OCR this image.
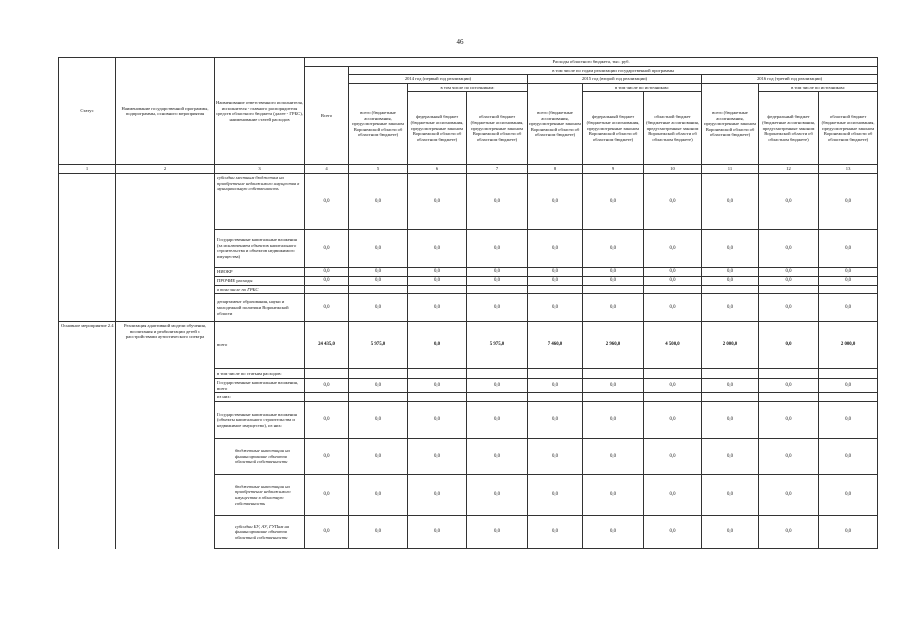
46
Статус	Наименование государственной программы, подпрограммы, основного мероприятия	Наименование ответственного исполнителя, исполнителя - главного распорядителя средств областного бюджета (далее - ГРБС), наименование статей расходов	Расходы областного бюджета, тыс. руб.									
			Всего	в том числе по годам реализации государственной программы								
				2014 год (первый год реализации)			2015 год (второй год реализации)			2016 год (третий год реализации)		
				всего (бюджетные ассигнования, предусмотренные законом Воронежской области об областном бюджете)	в том числе по источникам:		всего (бюджетные ассигнования, предусмотренные законом Воронежской области об областном бюджете)	в том числе по источникам:		всего (бюджетные ассигнования, предусмотренные законом Воронежской области об областном бюджете)	в том числе по источникам:	
					федеральный бюджет (бюджетные ассигнования, предусмотренные законом Воронежской области об областном бюджете)	областной бюджет (бюджетные ассигнования, предусмотренные законом Воронежской области об областном бюджете)		федеральный бюджет (бюджетные ассигнования, предусмотренные законом Воронежской области об областном бюджете)	областной бюджет (бюджетные ассигнования, предусмотренные законом Воронежской области об областном бюджете)		федеральный бюджет (бюджетные ассигнования, предусмотренные законом Воронежской области об областном бюджете)	областной бюджет (бюджетные ассигнования, предусмотренные законом Воронежской области об областном бюджете)
1	2	3	4	5	6	7	8	9	10	11	12	13
		субсидии местным бюджетам на приобретение недвижимого имущества в муниципальную собственность	0,0	0,0	0,0	0,0	0,0	0,0	0,0	0,0	0,0	0,0
		Государственные капитальные вложения (за исключением объектов капитального строительства и объектов недвижимого имущества)	0,0	0,0	0,0	0,0	0,0	0,0	0,0	0,0	0,0	0,0
		НИОКР	0,0	0,0	0,0	0,0	0,0	0,0	0,0	0,0	0,0	0,0
		ПРОЧИЕ расходы	0,0	0,0	0,0	0,0	0,0	0,0	0,0	0,0	0,0	0,0
		в том числе по ГРБС										
		департамент образования, науки и молодежной политики Воронежской области	0,0	0,0	0,0	0,0	0,0	0,0	0,0	0,0	0,0	0,0
Основное мероприятие 2.4	Реализация адаптивной модели обучения, воспитания и реабилитации детей с расстройствами аутистического спектра	всего	24 435,0	5 975,0	0,0	5 975,0	7 460,0	2 960,0	4 500,0	2 000,0	0,0	2 000,0
		в том числе по статьям расходов:										
		Государственные капитальные вложения, всего	0,0	0,0	0,0	0,0	0,0	0,0	0,0	0,0	0,0	0,0
		из них:										
		Государственные капитальные вложения (объекты капитального строительства и недвижимое имущество), из них:	0,0	0,0	0,0	0,0	0,0	0,0	0,0	0,0	0,0	0,0
		бюджетные инвестиции на финансирование объектов областной собственности	0,0	0,0	0,0	0,0	0,0	0,0	0,0	0,0	0,0	0,0
		бюджетные инвестиции на приобретение недвижимого имущества в областную собственность	0,0	0,0	0,0	0,0	0,0	0,0	0,0	0,0	0,0	0,0
		субсидии БУ, АУ, ГУПам на финансирование объектов областной собственности	0,0	0,0	0,0	0,0	0,0	0,0	0,0	0,0	0,0	0,0
